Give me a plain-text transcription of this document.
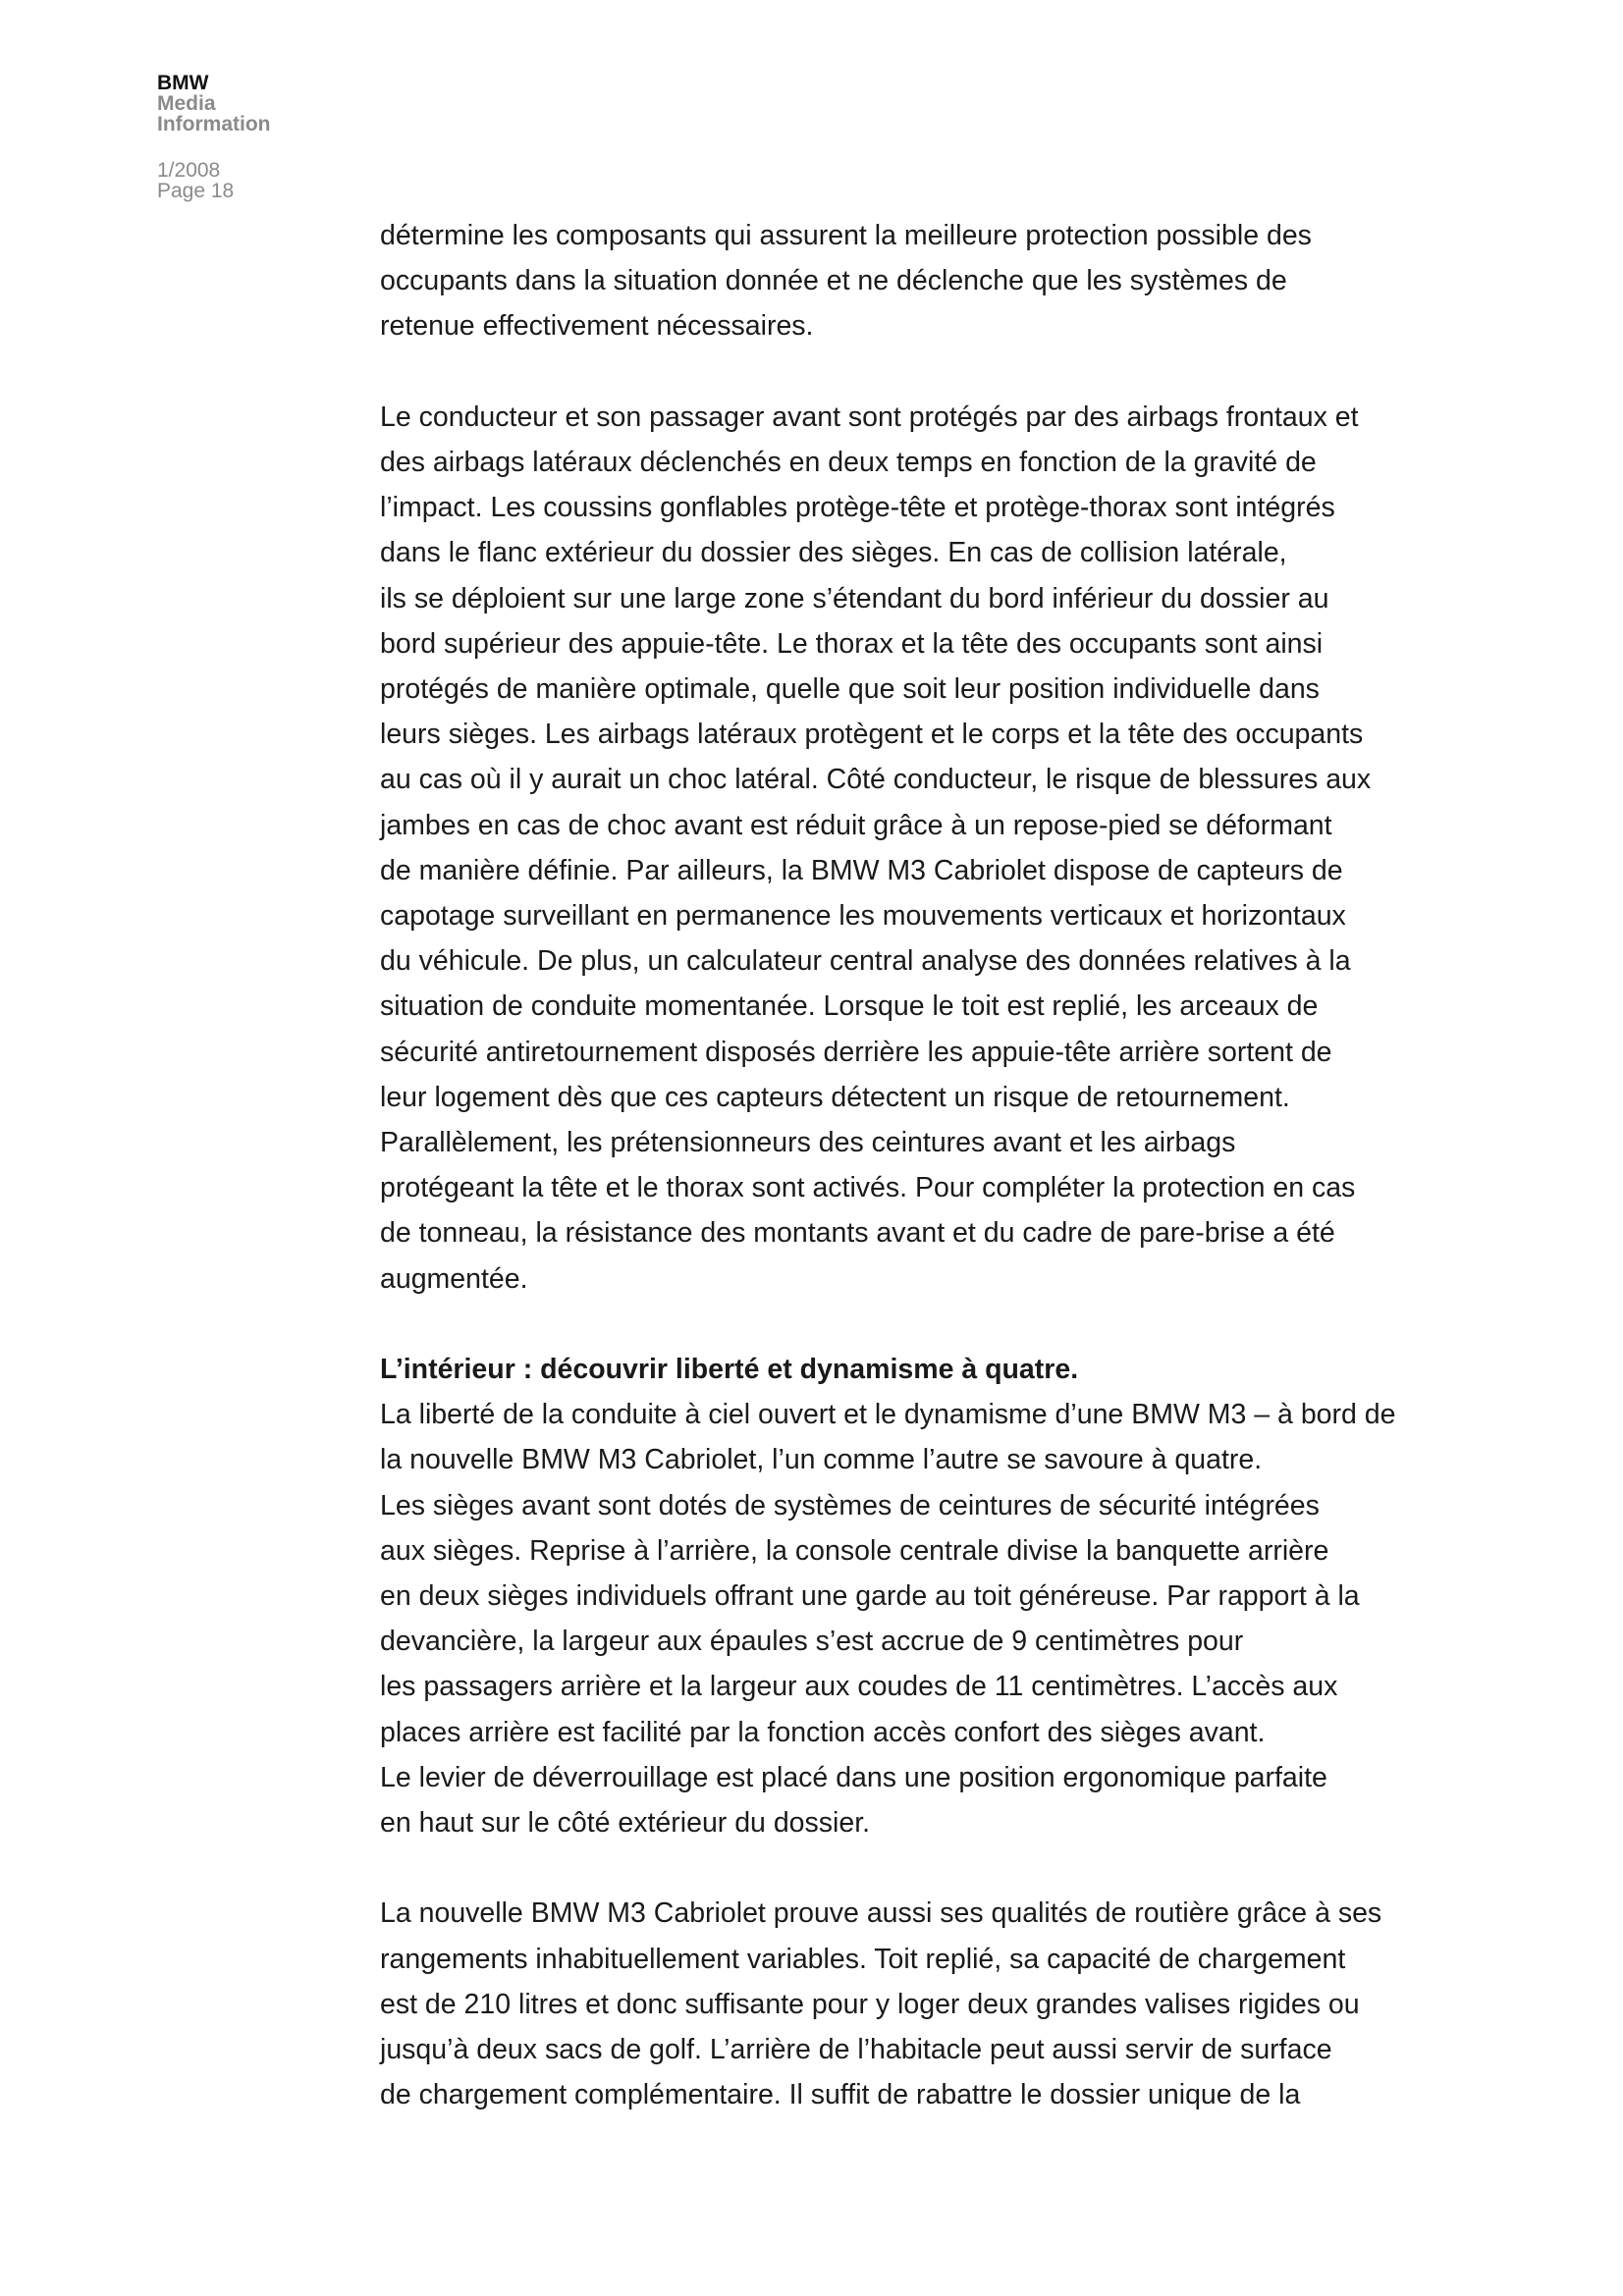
BMW
Media
Information
1/2008
Page 18
détermine les composants qui assurent la meilleure protection possible des
occupants dans la situation donnée et ne déclenche que les systèmes de
retenue effectivement nécessaires.
Le conducteur et son passager avant sont protégés par des airbags frontaux et
des airbags latéraux déclenchés en deux temps en fonction de la gravité de
l’impact. Les coussins gonflables protège-tête et protège-thorax sont intégrés
dans le flanc extérieur du dossier des sièges. En cas de collision latérale,
ils se déploient sur une large zone s’étendant du bord inférieur du dossier au
bord supérieur des appuie-tête. Le thorax et la tête des occupants sont ainsi
protégés de manière optimale, quelle que soit leur position individuelle dans
leurs sièges. Les airbags latéraux protègent et le corps et la tête des occupants
au cas où il y aurait un choc latéral. Côté conducteur, le risque de blessures aux
jambes en cas de choc avant est réduit grâce à un repose-pied se déformant
de manière définie. Par ailleurs, la BMW M3 Cabriolet dispose de capteurs de
capotage surveillant en permanence les mouvements verticaux et horizontaux
du véhicule. De plus, un calculateur central analyse des données relatives à la
situation de conduite momentanée. Lorsque le toit est replié, les arceaux de
sécurité antiretournement disposés derrière les appuie-tête arrière sortent de
leur logement dès que ces capteurs détectent un risque de retournement.
Parallèlement, les prétensionneurs des ceintures avant et les airbags
protégeant la tête et le thorax sont activés. Pour compléter la protection en cas
de tonneau, la résistance des montants avant et du cadre de pare-brise a été
augmentée.
L’intérieur : découvrir liberté et dynamisme à quatre.
La liberté de la conduite à ciel ouvert et le dynamisme d’une BMW M3 – à bord de
la nouvelle BMW M3 Cabriolet, l’un comme l’autre se savoure à quatre.
Les sièges avant sont dotés de systèmes de ceintures de sécurité intégrées
aux sièges. Reprise à l’arrière, la console centrale divise la banquette arrière
en deux sièges individuels offrant une garde au toit généreuse. Par rapport à la
devancière, la largeur aux épaules s’est accrue de 9 centimètres pour
les passagers arrière et la largeur aux coudes de 11 centimètres. L’accès aux
places arrière est facilité par la fonction accès confort des sièges avant.
Le levier de déverrouillage est placé dans une position ergonomique parfaite
en haut sur le côté extérieur du dossier.
La nouvelle BMW M3 Cabriolet prouve aussi ses qualités de routière grâce à ses
rangements inhabituellement variables. Toit replié, sa capacité de chargement
est de 210 litres et donc suffisante pour y loger deux grandes valises rigides ou
jusqu’à deux sacs de golf. L’arrière de l’habitacle peut aussi servir de surface
de chargement complémentaire. Il suffit de rabattre le dossier unique de la
